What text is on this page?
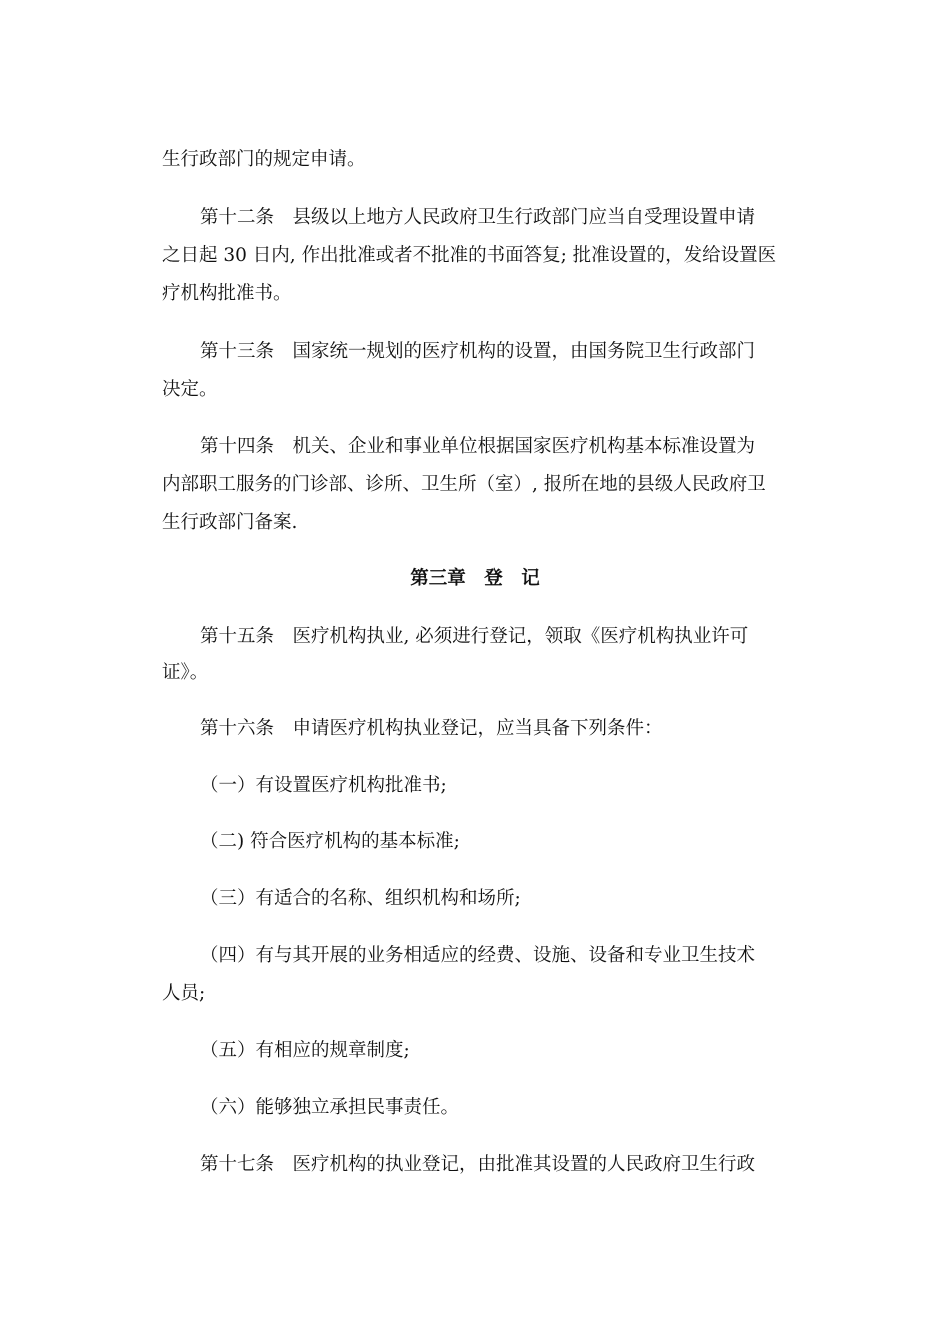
生行政部门的规定申请。
第十二条　县级以上地方人民政府卫生行政部门应当自受理设置申请
之日起 30 日内, 作出批准或者不批准的书面答复; 批准设置的，发给设置医
疗机构批准书。
第十三条　国家统一规划的医疗机构的设置，由国务院卫生行政部门
决定。
第十四条　机关、企业和事业单位根据国家医疗机构基本标准设置为
内部职工服务的门诊部、诊所、卫生所（室）, 报所在地的县级人民政府卫
生行政部门备案.
第三章　登　记
第十五条　医疗机构执业, 必须进行登记，领取《医疗机构执业许可
证》。
第十六条　申请医疗机构执业登记，应当具备下列条件：
（一）有设置医疗机构批准书;
（二) 符合医疗机构的基本标准;
（三）有适合的名称、组织机构和场所;
（四）有与其开展的业务相适应的经费、设施、设备和专业卫生技术
人员;
（五）有相应的规章制度;
（六）能够独立承担民事责任。
第十七条　医疗机构的执业登记，由批准其设置的人民政府卫生行政
